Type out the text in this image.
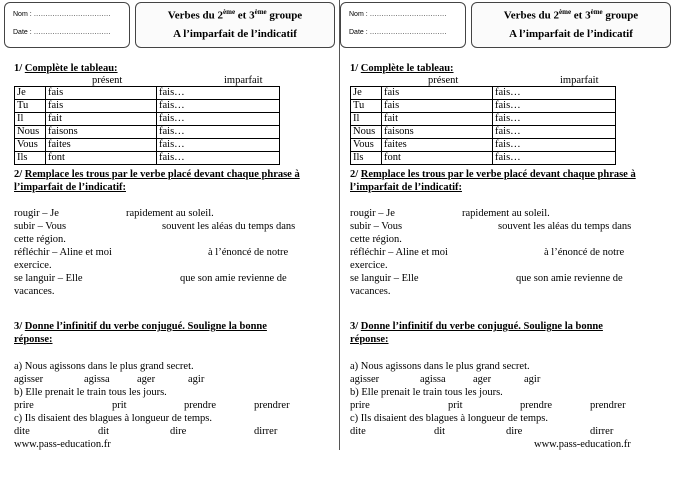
Nom : ……………………………
Date : ……………………………
Verbes du 2ème et 3ème groupe
A l’imparfait de l’indicatif
1/ Complète le tableau:
présent	imparfait
Je	fais	fais…
Tu	fais	fais…
Il	fait	fais…
Nous	faisons	fais…
Vous	faites	fais…
Ils	font	fais…
2/ Remplace les trous par le verbe placé devant chaque phrase à
l’imparfait de l’indicatif:
rougir – Je	rapidement au soleil.
subir – Vous	souvent les aléas du temps dans
cette région.
réfléchir – Aline et moi	à l’énoncé de notre
exercice.
se languir – Elle	que son amie revienne de
vacances.
3/ Donne l’infinitif du verbe conjugué. Souligne la bonne
réponse:
a) Nous agissons dans le plus grand secret.
agisser	agissa	ager	agir
b) Elle prenait le train tous les jours.
prire	prit	prendre	prendrer
c) Ils disaient des blagues à longueur de temps.
dite	dit	dire	dirrer
www.pass-education.fr
Nom : ……………………………
Date : ……………………………
Verbes du 2ème et 3ème groupe
A l’imparfait de l’indicatif
1/ Complète le tableau:
présent	imparfait
Je	fais	fais…
Tu	fais	fais…
Il	fait	fais…
Nous	faisons	fais…
Vous	faites	fais…
Ils	font	fais…
2/ Remplace les trous par le verbe placé devant chaque phrase à
l’imparfait de l’indicatif:
rougir – Je	rapidement au soleil.
subir – Vous	souvent les aléas du temps dans
cette région.
réfléchir – Aline et moi	à l’énoncé de notre
exercice.
se languir – Elle	que son amie revienne de
vacances.
3/ Donne l’infinitif du verbe conjugué. Souligne la bonne
réponse:
a) Nous agissons dans le plus grand secret.
agisser	agissa	ager	agir
b) Elle prenait le train tous les jours.
prire	prit	prendre	prendrer
c) Ils disaient des blagues à longueur de temps.
dite	dit	dire	dirrer
www.pass-education.fr
